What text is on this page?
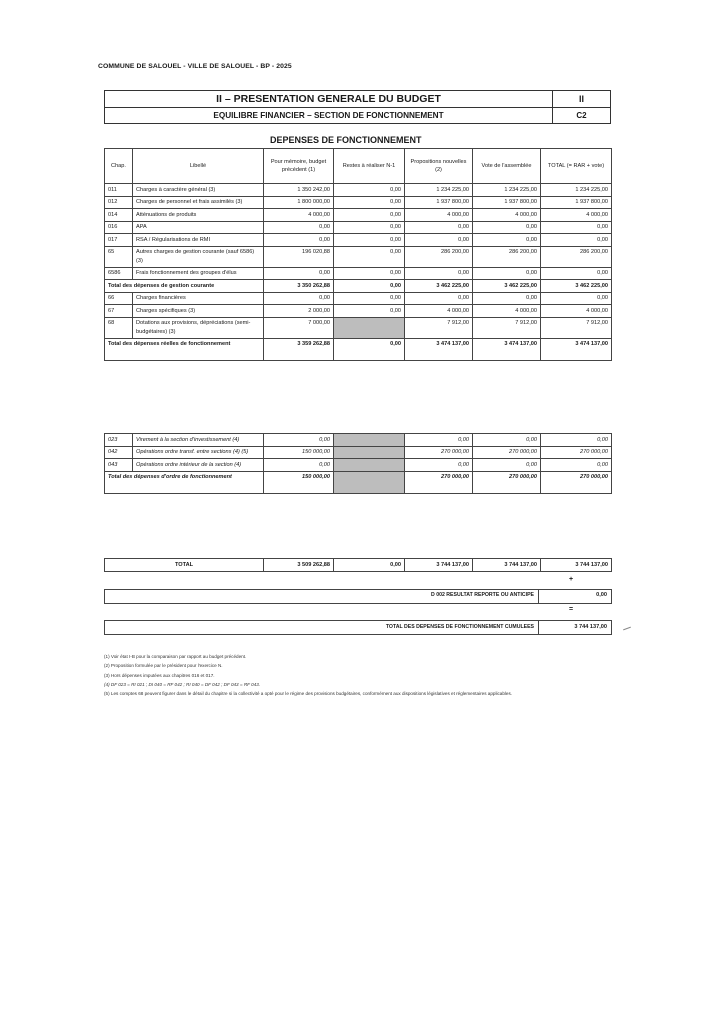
COMMUNE DE SALOUEL - VILLE DE SALOUEL - BP - 2025
II – PRESENTATION GENERALE DU BUDGET
EQUILIBRE FINANCIER – SECTION DE FONCTIONNEMENT
II
C2
DEPENSES DE FONCTIONNEMENT
Chap.	Libellé	Pour mémoire, budget précédent (1)	Restes à réaliser N-1	Propositions nouvelles (2)	Vote de l'assemblée	TOTAL (= RAR + vote)
011	Charges à caractère général (3)	1 350 242,00	0,00	1 234 225,00	1 234 225,00	1 234 225,00
012	Charges de personnel et frais assimilés (3)	1 800 000,00	0,00	1 937 800,00	1 937 800,00	1 937 800,00
014	Atténuations de produits	4 000,00	0,00	4 000,00	4 000,00	4 000,00
016	APA	0,00	0,00	0,00	0,00	0,00
017	RSA / Régularisations de RMI	0,00	0,00	0,00	0,00	0,00
65	Autres charges de gestion courante (sauf 6586) (3)	196 020,88	0,00	286 200,00	286 200,00	286 200,00
6586	Frais fonctionnement des groupes d'élus	0,00	0,00	0,00	0,00	0,00
Total des dépenses de gestion courante		3 350 262,88	0,00	3 462 225,00	3 462 225,00	3 462 225,00
66	Charges financières	0,00	0,00	0,00	0,00	0,00
67	Charges spécifiques (3)	2 000,00	0,00	4 000,00	4 000,00	4 000,00
68	Dotations aux provisions, dépréciations (semi-budgétaires) (3)	7 000,00		7 912,00	7 912,00	7 912,00
Total des dépenses réelles de fonctionnement		3 359 262,88	0,00	3 474 137,00	3 474 137,00	3 474 137,00
023	Virement à la section d'investissement (4)	0,00		0,00	0,00	0,00
042	Opérations ordre transf. entre sections (4) (5)	150 000,00		270 000,00	270 000,00	270 000,00
043	Opérations ordre intérieur de la section (4)	0,00		0,00	0,00	0,00
Total des dépenses d'ordre de fonctionnement		150 000,00		270 000,00	270 000,00	270 000,00
TOTAL	3 509 262,88	0,00	3 744 137,00	3 744 137,00	3 744 137,00
+
D 002 RESULTAT REPORTE OU ANTICIPE	0,00
=
TOTAL DES DEPENSES DE FONCTIONNEMENT CUMULEES	3 744 137,00
(1) Voir état I-B pour la comparaison par rapport au budget précédent.
(2) Proposition formulée par le président pour l'exercice N.
(3) Hors dépenses imputées aux chapitres 016 et 017.
(4) DF 023 = RI 021 ; DI 040 = RF 042 ; RI 040 = DF 042 ; DF 043 = RF 043.
(5) Les comptes 68 peuvent figurer dans le détail du chapitre si la collectivité a opté pour le régime des provisions budgétaires, conformément aux dispositions législatives et réglementaires applicables.
